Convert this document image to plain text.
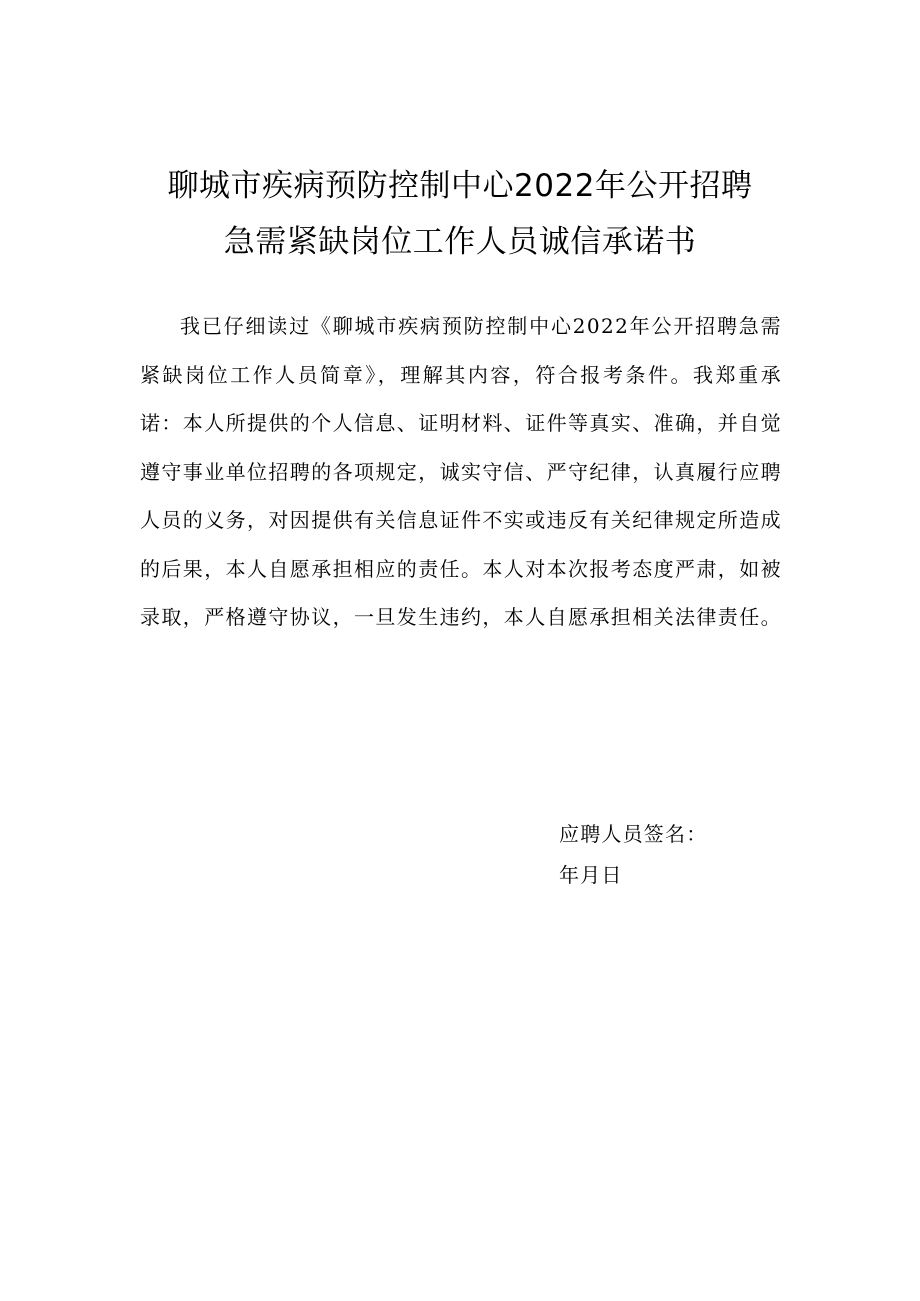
聊城市疾病预防控制中心2022年公开招聘
急需紧缺岗位工作人员诚信承诺书

我已仔细读过《聊城市疾病预防控制中心2022年公开招聘急需紧缺岗位工作人员简章》，理解其内容，符合报考条件。我郑重承诺：本人所提供的个人信息、证明材料、证件等真实、准确，并自觉遵守事业单位招聘的各项规定，诚实守信、严守纪律，认真履行应聘人员的义务，对因提供有关信息证件不实或违反有关纪律规定所造成的后果，本人自愿承担相应的责任。本人对本次报考态度严肃，如被录取，严格遵守协议，一旦发生违约，本人自愿承担相关法律责任。

应聘人员签名：

年月日
